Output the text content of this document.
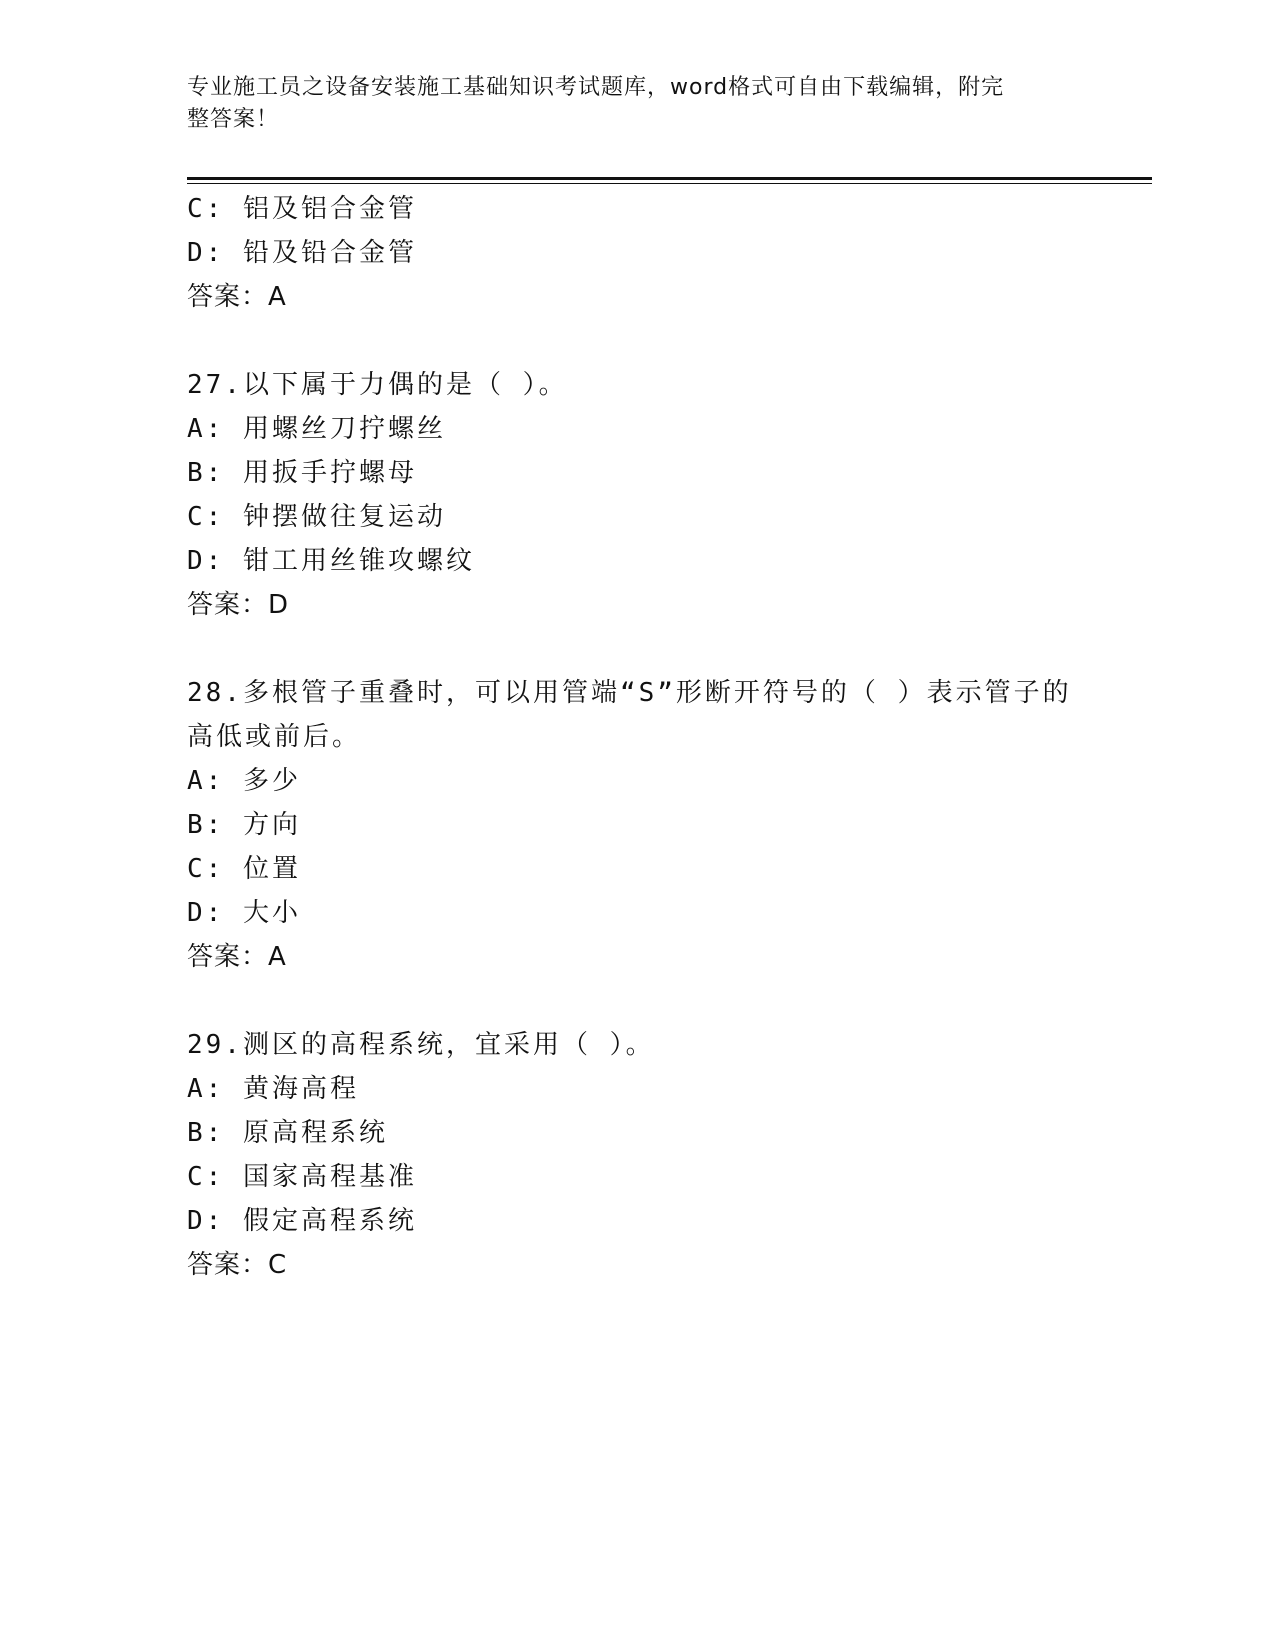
专业施工员之设备安装施工基础知识考试题库，word格式可自由下载编辑，附完
整答案！
C: 铝及铝合金管
D: 铅及铅合金管
答案：A
27.以下属于力偶的是（ ）。
A: 用螺丝刀拧螺丝
B: 用扳手拧螺母
C: 钟摆做往复运动
D: 钳工用丝锥攻螺纹
答案：D
28.多根管子重叠时，可以用管端“S”形断开符号的（ ）表示管子的
高低或前后。
A: 多少
B: 方向
C: 位置
D: 大小
答案：A
29.测区的高程系统，宜采用（ ）。
A: 黄海高程
B: 原高程系统
C: 国家高程基准
D: 假定高程系统
答案：C
